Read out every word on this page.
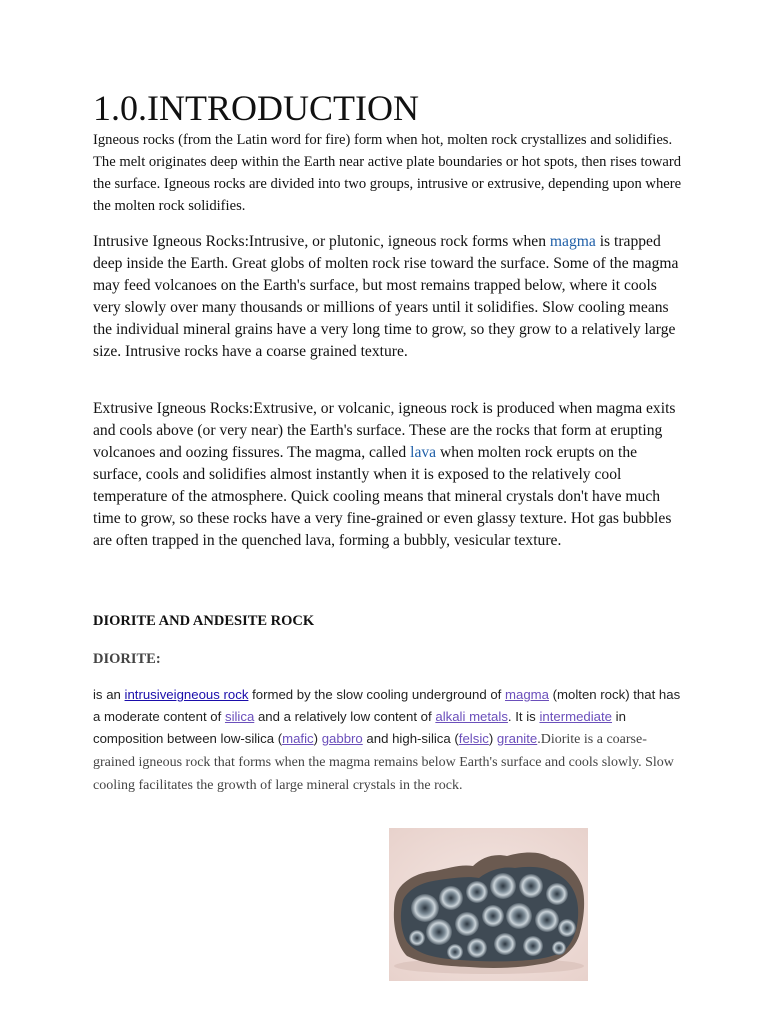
1.0.INTRODUCTION

Igneous rocks (from the Latin word for fire) form when hot, molten rock crystallizes and solidifies. The melt originates deep within the Earth near active plate boundaries or hot spots, then rises toward the surface. Igneous rocks are divided into two groups, intrusive or extrusive, depending upon where the molten rock solidifies.

Intrusive Igneous Rocks:Intrusive, or plutonic, igneous rock forms when magma is trapped deep inside the Earth. Great globs of molten rock rise toward the surface. Some of the magma may feed volcanoes on the Earth's surface, but most remains trapped below, where it cools very slowly over many thousands or millions of years until it solidifies. Slow cooling means the individual mineral grains have a very long time to grow, so they grow to a relatively large size. Intrusive rocks have a coarse grained texture.

Extrusive Igneous Rocks:Extrusive, or volcanic, igneous rock is produced when magma exits and cools above (or very near) the Earth's surface. These are the rocks that form at erupting volcanoes and oozing fissures. The magma, called lava when molten rock erupts on the surface, cools and solidifies almost instantly when it is exposed to the relatively cool temperature of the atmosphere. Quick cooling means that mineral crystals don't have much time to grow, so these rocks have a very fine-grained or even glassy texture. Hot gas bubbles are often trapped in the quenched lava, forming a bubbly, vesicular texture.

DIORITE AND ANDESITE ROCK
DIORITE:

is an intrusiveigneous rock formed by the slow cooling underground of magma (molten rock) that has a moderate content of silica and a relatively low content of alkali metals. It is intermediate in composition between low-silica (mafic) gabbro and high-silica (felsic) granite.Diorite is a coarse-grained igneous rock that forms when the magma remains below Earth's surface and cools slowly. Slow cooling facilitates the growth of large mineral crystals in the rock.
